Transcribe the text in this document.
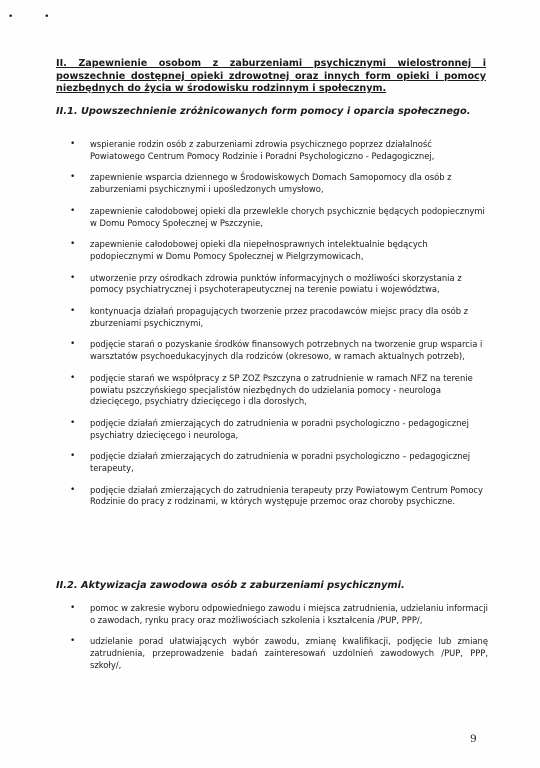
• •
II. Zapewnienie osobom z zaburzeniami psychicznymi wielostronnej i powszechnie dostępnej opieki zdrowotnej oraz innych form opieki i pomocy niezbędnych do życia w środowisku rodzinnym i społecznym.
II.1. Upowszechnienie zróżnicowanych form pomocy i oparcia społecznego.
• wspieranie rodzin osób z zaburzeniami zdrowia psychicznego poprzez działalność Powiatowego Centrum Pomocy Rodzinie i Poradni Psychologiczno - Pedagogicznej,
• zapewnienie wsparcia dziennego w Środowiskowych Domach Samopomocy dla osób z zaburzeniami psychicznymi i upośledzonych umysłowo,
• zapewnienie całodobowej opieki dla przewlekle chorych psychicznie będących podopiecznymi w Domu Pomocy Społecznej w Pszczynie,
• zapewnienie całodobowej opieki dla niepełnosprawnych intelektualnie będących podopiecznymi w Domu Pomocy Społecznej w Pielgrzymowicach,
• utworzenie przy ośrodkach zdrowia punktów informacyjnych o możliwości skorzystania z pomocy psychiatrycznej i psychoterapeutycznej na terenie powiatu i województwa,
• kontynuacja działań propagujących tworzenie przez pracodawców miejsc pracy dla osób z zburzeniami psychicznymi,
• podjęcie starań o pozyskanie środków finansowych potrzebnych na tworzenie grup wsparcia i warsztatów psychoedukacyjnych dla rodziców (okresowo, w ramach aktualnych potrzeb),
• podjęcie starań we współpracy z SP ZOZ Pszczyna o zatrudnienie w ramach NFZ na terenie powiatu pszczyńskiego specjalistów niezbędnych do udzielania pomocy - neurologa dziecięcego, psychiatry dziecięcego i dla dorosłych,
• podjęcie działań zmierzających do zatrudnienia w poradni psychologiczno - pedagogicznej psychiatry dziecięcego i neurologa,
• podjęcie działań zmierzających do zatrudnienia w poradni psychologiczno – pedagogicznej terapeuty,
• podjęcie działań zmierzających do zatrudnienia terapeuty przy Powiatowym Centrum Pomocy Rodzinie do pracy z rodzinami, w których występuje przemoc oraz choroby psychiczne.
II.2. Aktywizacja zawodowa osób z zaburzeniami psychicznymi.
• pomoc w zakresie wyboru odpowiedniego zawodu i miejsca zatrudnienia, udzielaniu informacji o zawodach, rynku pracy oraz możliwościach szkolenia i kształcenia /PUP, PPP/,
• udzielanie porad ułatwiających wybór zawodu, zmianę kwalifikacji, podjęcie lub zmianę zatrudnienia, przeprowadzenie badań zainteresowań uzdolnień zawodowych /PUP, PPP, szkoły/,
9
